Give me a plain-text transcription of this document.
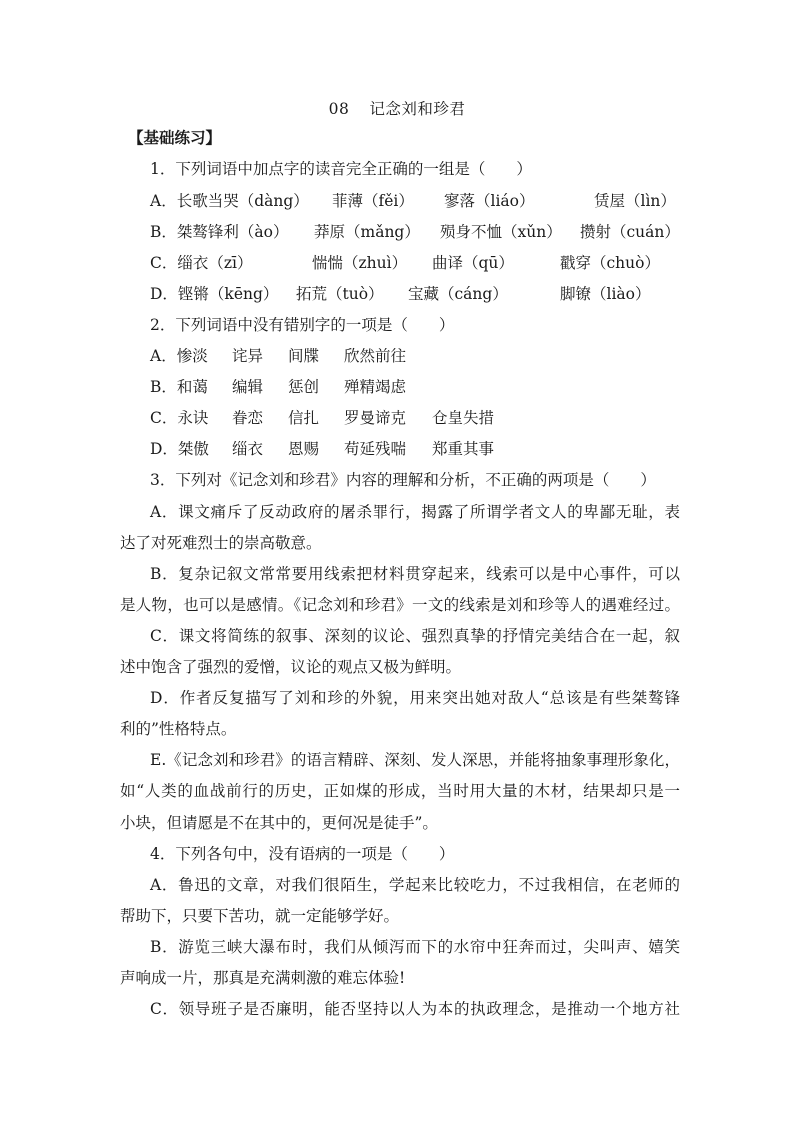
08 记念刘和珍君
【基础练习】
1．下列词语中加点字的读音完全正确的一组是（　　）
A．长歌当哭（dàng） 菲薄（fěi） 寥落（liáo）	赁屋（lìn）
B．桀骜锋利（ào） 莽原（mǎng） 殒身不恤（xǔn） 攒射（cuán）
C．缁衣（zī）	惴惴（zhuì） 曲译（qū）	戳穿（chuò）
D．铿锵（kēng） 拓荒（tuò） 宝藏（cáng）	脚镣（liào）
2．下列词语中没有错别字的一项是（　　）
A．惨淡 诧异 间牒 欣然前往
B．和蔼 编辑 惩创 殚精竭虑
C．永诀 眷恋 信扎 罗曼谛克 仓皇失措
D．桀傲 缁衣 恩赐 苟延残喘 郑重其事
3．下列对《记念刘和珍君》内容的理解和分析，不正确的两项是（　　）
A．课文痛斥了反动政府的屠杀罪行，揭露了所谓学者文人的卑鄙无耻，表
达了对死难烈士的崇高敬意。
B．复杂记叙文常常要用线索把材料贯穿起来，线索可以是中心事件，可以
是人物，也可以是感情。《记念刘和珍君》一文的线索是刘和珍等人的遇难经过。
C．课文将简练的叙事、深刻的议论、强烈真挚的抒情完美结合在一起，叙
述中饱含了强烈的爱憎，议论的观点又极为鲜明。
D．作者反复描写了刘和珍的外貌，用来突出她对敌人“总该是有些桀骜锋
利的”性格特点。
E.《记念刘和珍君》的语言精辟、深刻、发人深思，并能将抽象事理形象化，
如“人类的血战前行的历史，正如煤的形成，当时用大量的木材，结果却只是一
小块，但请愿是不在其中的，更何况是徒手”。
4．下列各句中，没有语病的一项是（　　）
A．鲁迅的文章，对我们很陌生，学起来比较吃力，不过我相信，在老师的
帮助下，只要下苦功，就一定能够学好。
B．游览三峡大瀑布时，我们从倾泻而下的水帘中狂奔而过，尖叫声、嬉笑
声响成一片，那真是充满刺激的难忘体验!
C．领导班子是否廉明，能否坚持以人为本的执政理念，是推动一个地方社
